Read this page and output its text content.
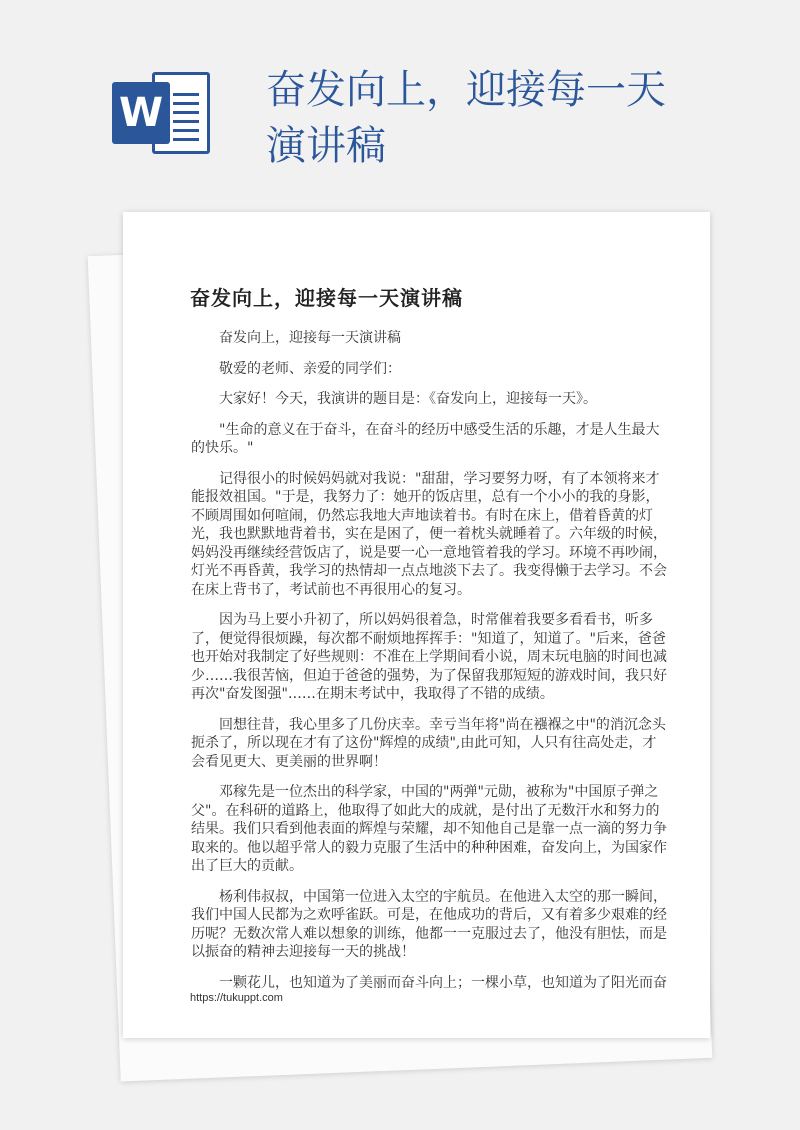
W	奋发向上，迎接每一天
演讲稿
奋发向上，迎接每一天演讲稿

奋发向上，迎接每一天演讲稿

敬爱的老师、亲爱的同学们：

大家好！今天，我演讲的题目是：《奋发向上，迎接每一天》。

"生命的意义在于奋斗，在奋斗的经历中感受生活的乐趣，才是人生最大的快乐。"

记得很小的时候妈妈就对我说："甜甜，学习要努力呀，有了本领将来才能报效祖国。"于是，我努力了：她开的饭店里，总有一个小小的我的身影，不顾周围如何喧闹，仍然忘我地大声地读着书。有时在床上，借着昏黄的灯光，我也默默地背着书，实在是困了，便一着枕头就睡着了。六年级的时候，妈妈没再继续经营饭店了，说是要一心一意地管着我的学习。环境不再吵闹，灯光不再昏黄，我学习的热情却一点点地淡下去了。我变得懒于去学习。不会在床上背书了，考试前也不再很用心的复习。

因为马上要小升初了，所以妈妈很着急，时常催着我要多看看书，听多了，便觉得很烦躁，每次都不耐烦地挥挥手："知道了，知道了。"后来，爸爸也开始对我制定了好些规则：不准在上学期间看小说，周末玩电脑的时间也减少……我很苦恼，但迫于爸爸的强势，为了保留我那短短的游戏时间，我只好再次"奋发图强"……在期末考试中，我取得了不错的成绩。

回想往昔，我心里多了几份庆幸。幸亏当年将"尚在襁褓之中"的消沉念头扼杀了，所以现在才有了这份"辉煌的成绩",由此可知，人只有往高处走，才会看见更大、更美丽的世界啊！

邓稼先是一位杰出的科学家，中国的"两弹"元勋，被称为"中国原子弹之父"。在科研的道路上，他取得了如此大的成就，是付出了无数汗水和努力的结果。我们只看到他表面的辉煌与荣耀，却不知他自己是靠一点一滴的努力争取来的。他以超乎常人的毅力克服了生活中的种种困难，奋发向上，为国家作出了巨大的贡献。

杨利伟叔叔，中国第一位进入太空的宇航员。在他进入太空的那一瞬间，我们中国人民都为之欢呼雀跃。可是，在他成功的背后，又有着多少艰难的经历呢？无数次常人难以想象的训练，他都一一克服过去了，他没有胆怯，而是以振奋的精神去迎接每一天的挑战！

一颗花儿，也知道为了美丽而奋斗向上；一棵小草，也知道为了阳光而奋

https://tukuppt.com
